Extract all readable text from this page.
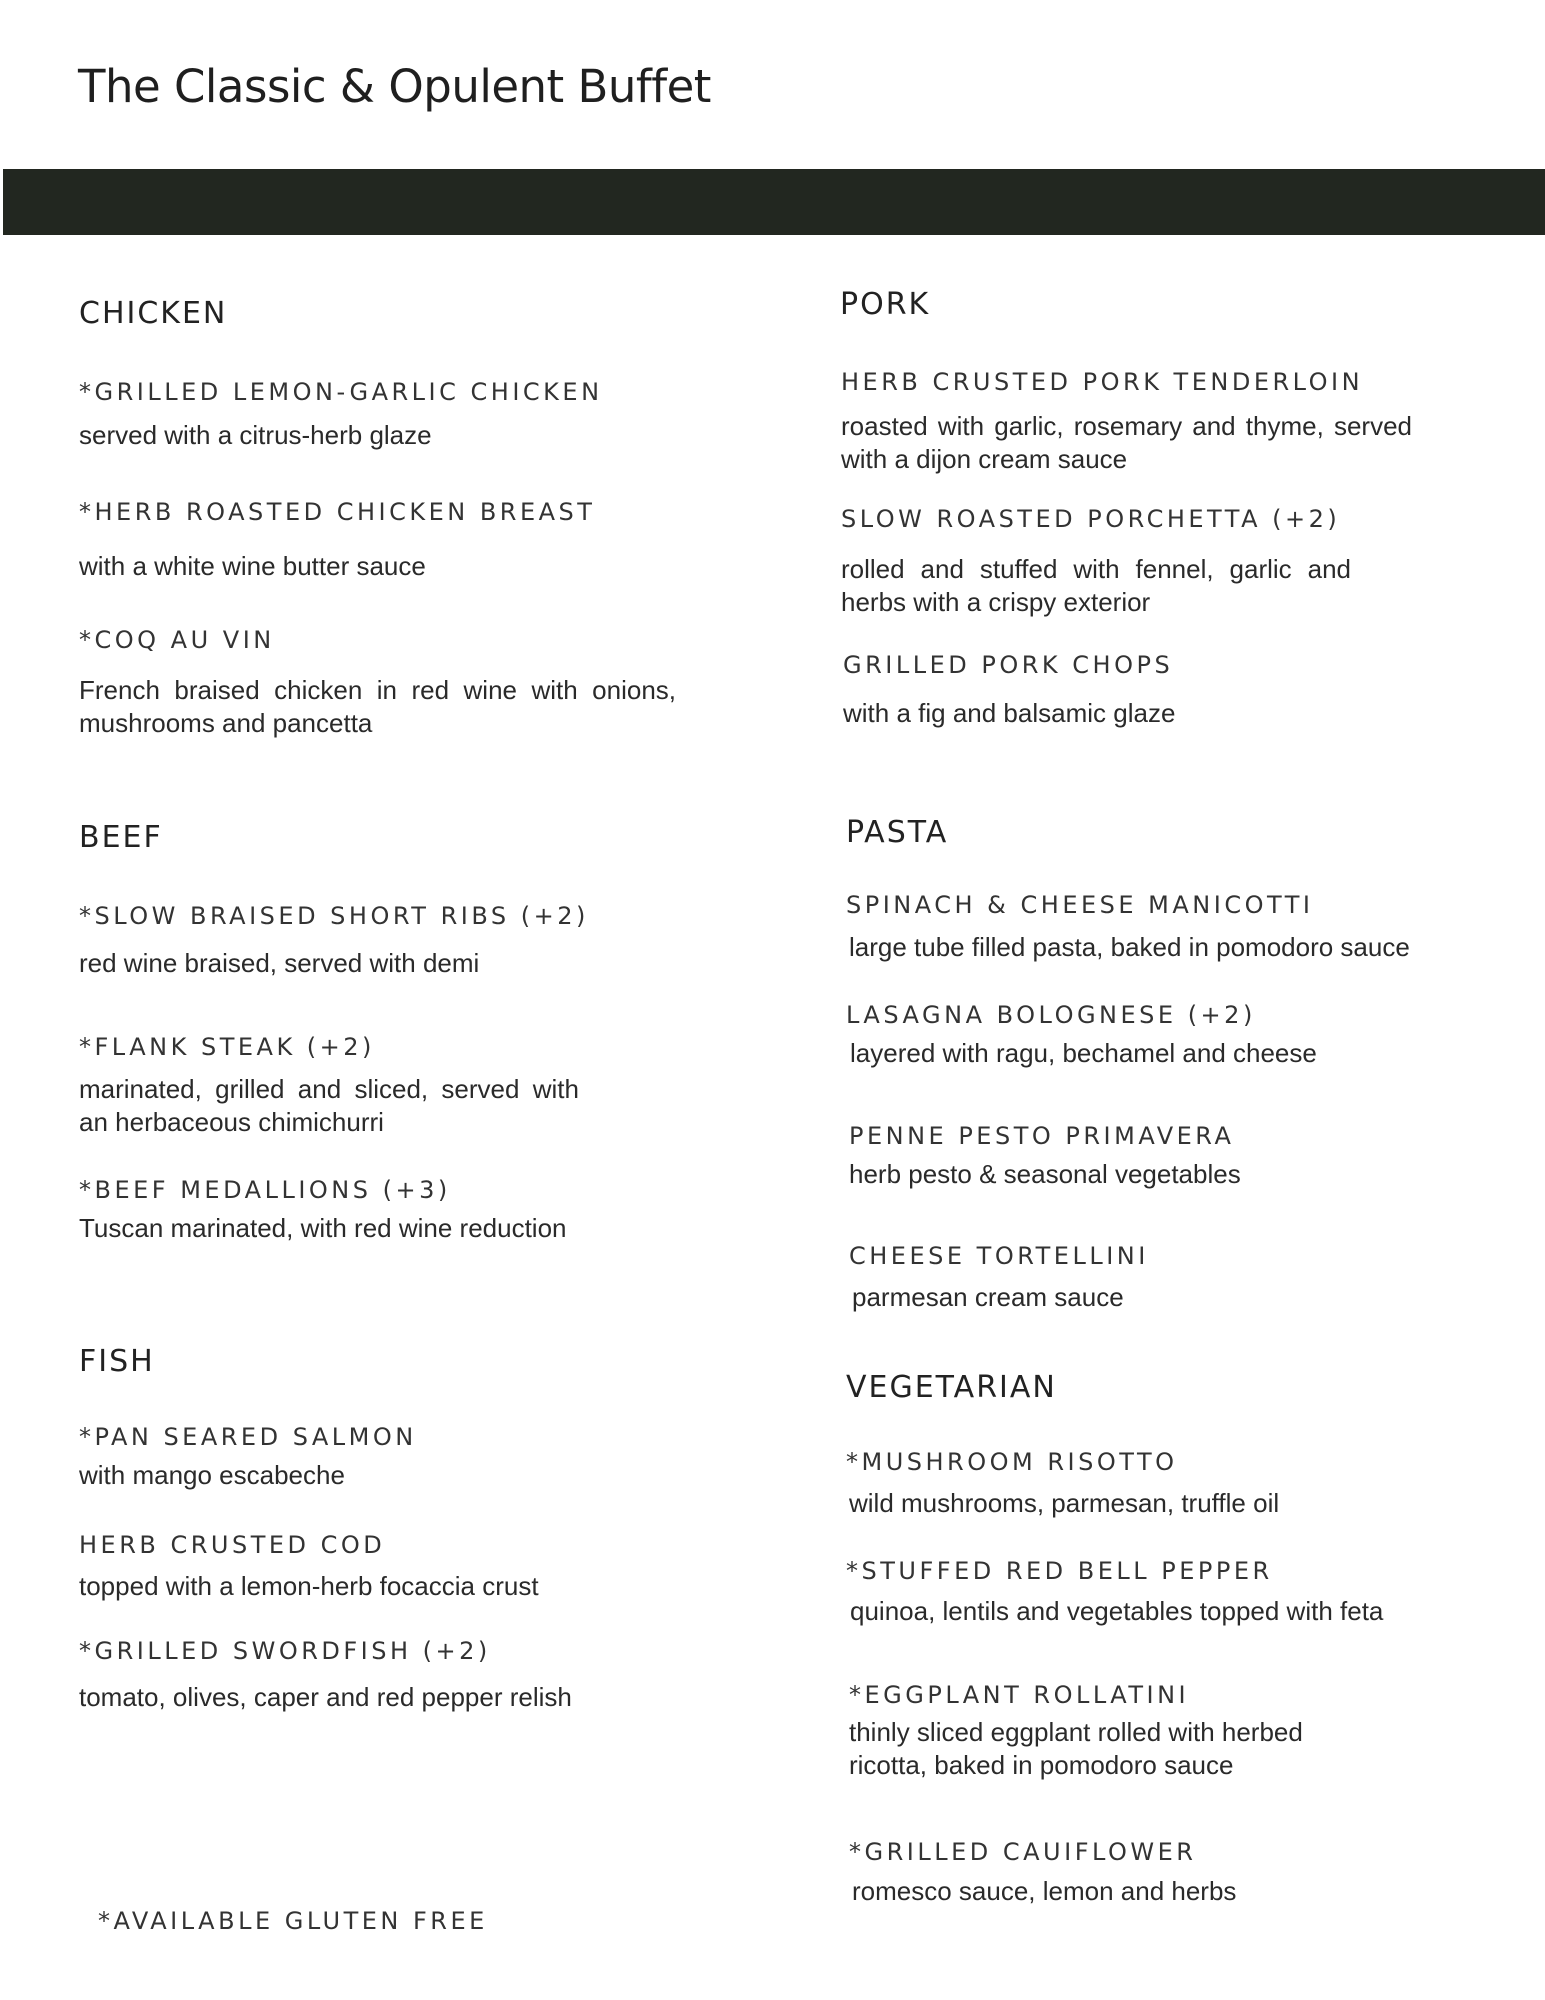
The Classic & Opulent Buffet
CHICKEN
*GRILLED LEMON-GARLIC CHICKEN
served with a citrus-herb glaze
*HERB ROASTED CHICKEN BREAST
with a white wine butter sauce
*COQ AU VIN
French braised chicken in red wine with onions, mushrooms and pancetta
BEEF
*SLOW BRAISED SHORT RIBS (+2)
red wine braised, served with demi
*FLANK STEAK (+2)
marinated, grilled and sliced, served with an herbaceous chimichurri
*BEEF MEDALLIONS (+3)
Tuscan marinated, with red wine reduction
FISH
*PAN SEARED SALMON
with mango escabeche
HERB CRUSTED COD
topped with a lemon-herb focaccia crust
*GRILLED SWORDFISH (+2)
tomato, olives, caper and red pepper relish
PORK
HERB CRUSTED PORK TENDERLOIN
roasted with garlic, rosemary and thyme, served with a dijon cream sauce
SLOW ROASTED PORCHETTA (+2)
rolled and stuffed with fennel, garlic and herbs with a crispy exterior
GRILLED PORK CHOPS
with a fig and balsamic glaze
PASTA
SPINACH & CHEESE MANICOTTI
large tube filled pasta, baked in pomodoro sauce
LASAGNA BOLOGNESE (+2)
layered with ragu, bechamel and cheese
PENNE PESTO PRIMAVERA
herb pesto & seasonal vegetables
CHEESE TORTELLINI
parmesan cream sauce
VEGETARIAN
*MUSHROOM RISOTTO
wild mushrooms, parmesan, truffle oil
*STUFFED RED BELL PEPPER
quinoa, lentils and vegetables topped with feta
*EGGPLANT ROLLATINI
thinly sliced eggplant rolled with herbed ricotta, baked in pomodoro sauce
*GRILLED CAUIFLOWER
romesco sauce, lemon and herbs
*AVAILABLE GLUTEN FREE
